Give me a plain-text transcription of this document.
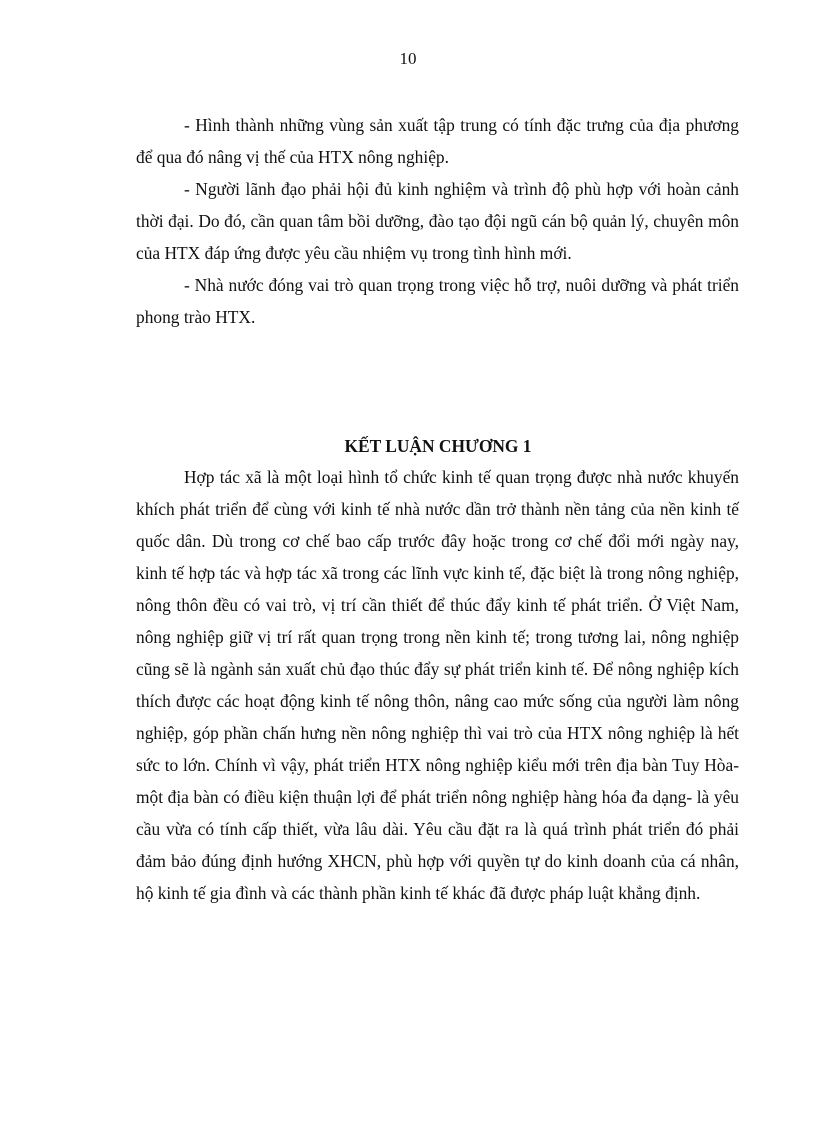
10

- Hình thành những vùng sản xuất tập trung có tính đặc trưng của địa phương để qua đó nâng vị thế của HTX nông nghiệp.

- Người lãnh đạo phải hội đủ kinh nghiệm và trình độ phù hợp với hoàn cảnh thời đại. Do đó, cần quan tâm bồi dưỡng, đào tạo đội ngũ cán bộ quản lý, chuyên môn của HTX đáp ứng được yêu cầu nhiệm vụ trong tình hình mới.

- Nhà nước đóng vai trò quan trọng trong việc hỗ trợ, nuôi dưỡng và phát triển phong trào HTX.

KẾT LUẬN CHƯƠNG 1

Hợp tác xã là một loại hình tổ chức kinh tế quan trọng được nhà nước khuyến khích phát triển để cùng với kinh tế nhà nước dần trở thành nền tảng của nền kinh tế quốc dân. Dù trong cơ chế bao cấp trước đây hoặc trong cơ chế đổi mới ngày nay, kinh tế hợp tác và hợp tác xã trong các lĩnh vực kinh tế, đặc biệt là trong nông nghiệp, nông thôn đều có vai trò, vị trí cần thiết để thúc đẩy kinh tế phát triển. Ở Việt Nam, nông nghiệp giữ vị trí rất quan trọng trong nền kinh tế; trong tương lai, nông nghiệp cũng sẽ là ngành sản xuất chủ đạo thúc đẩy sự phát triển kinh tế. Để nông nghiệp kích thích được các hoạt động kinh tế nông thôn, nâng cao mức sống của người làm nông nghiệp, góp phần chấn hưng nền nông nghiệp thì vai trò của HTX nông nghiệp là hết sức to lớn. Chính vì vậy, phát triển HTX nông nghiệp kiểu mới trên địa bàn Tuy Hòa- một địa bàn có điều kiện thuận lợi để phát triển nông nghiệp hàng hóa đa dạng- là yêu cầu vừa có tính cấp thiết, vừa lâu dài. Yêu cầu đặt ra là quá trình phát triển đó phải đảm bảo đúng định hướng XHCN, phù hợp với quyền tự do kinh doanh của cá nhân, hộ kinh tế gia đình và các thành phần kinh tế khác đã được pháp luật khẳng định.
